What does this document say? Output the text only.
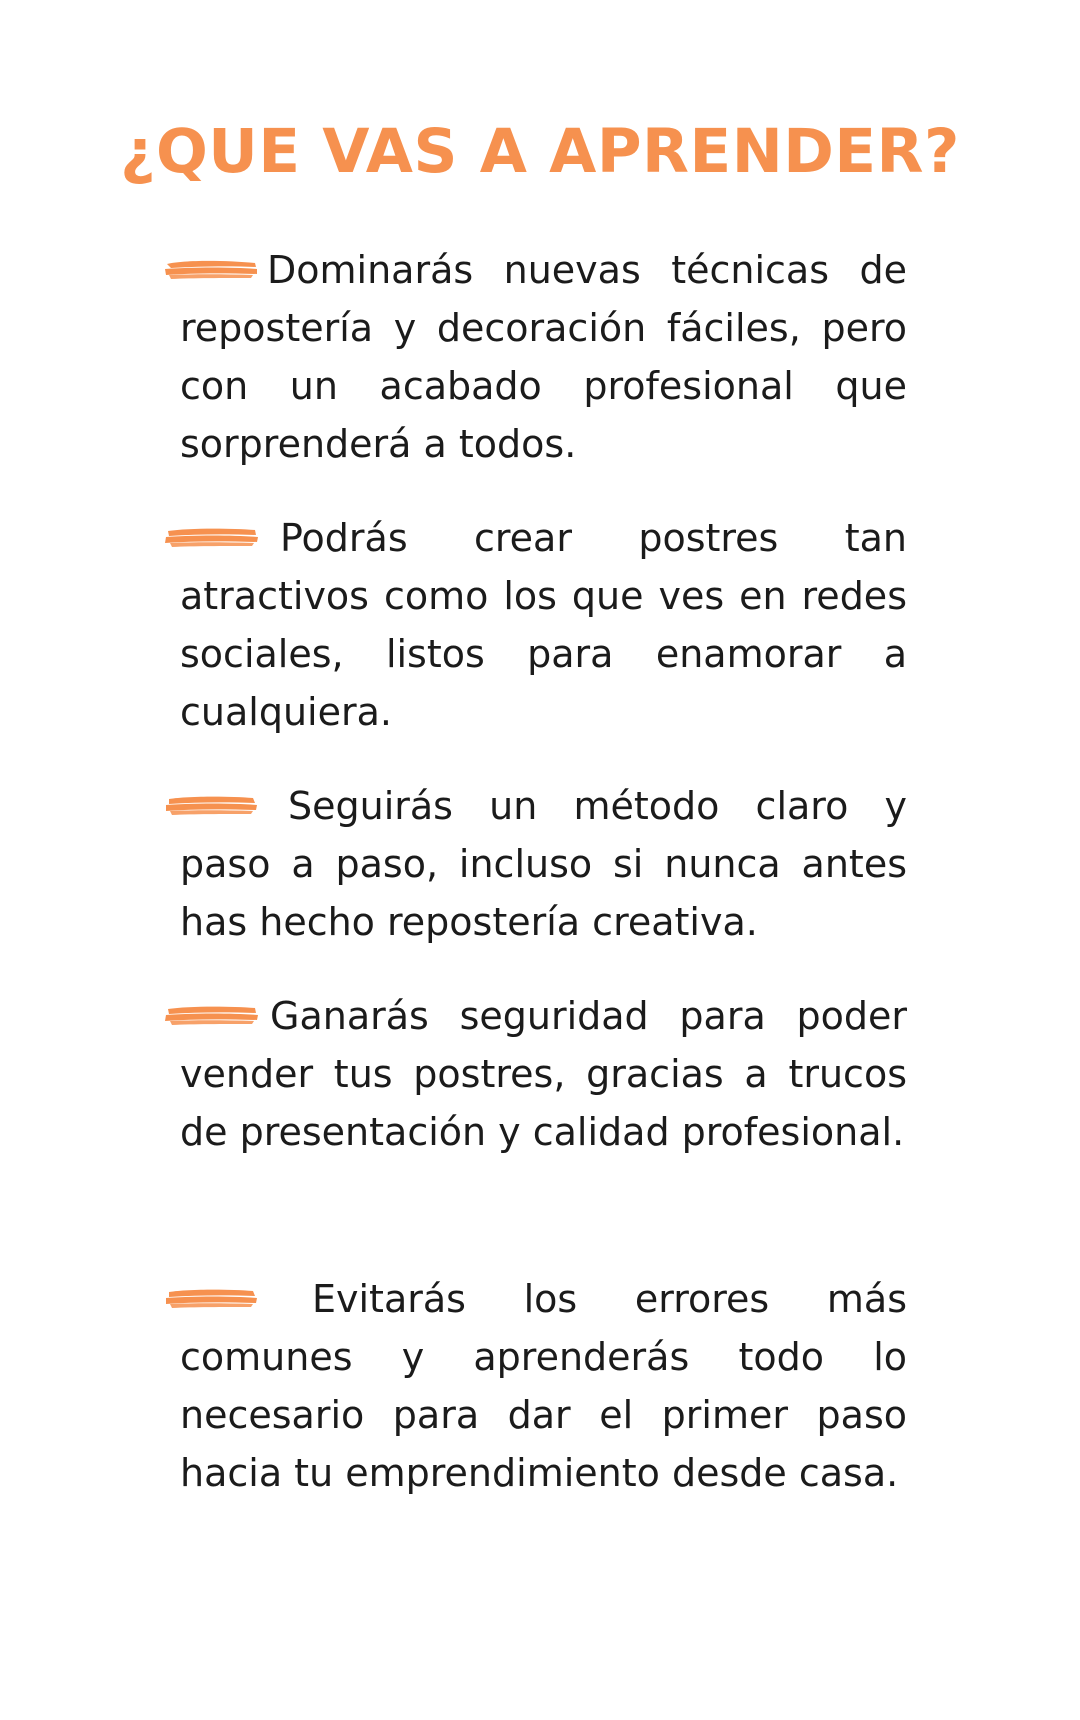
¿QUE VAS A APRENDER?

Dominarás nuevas técnicas de repostería y decoración fáciles, pero con un acabado profesional que sorprenderá a todos.

Podrás crear postres tan atractivos como los que ves en redes sociales, listos para enamorar a cualquiera.

Seguirás un método claro y paso a paso, incluso si nunca antes has hecho repostería creativa.

Ganarás seguridad para poder vender tus postres, gracias a trucos de presentación y calidad profesional.

Evitarás los errores más comunes y aprenderás todo lo necesario para dar el primer paso hacia tu emprendimiento desde casa.
